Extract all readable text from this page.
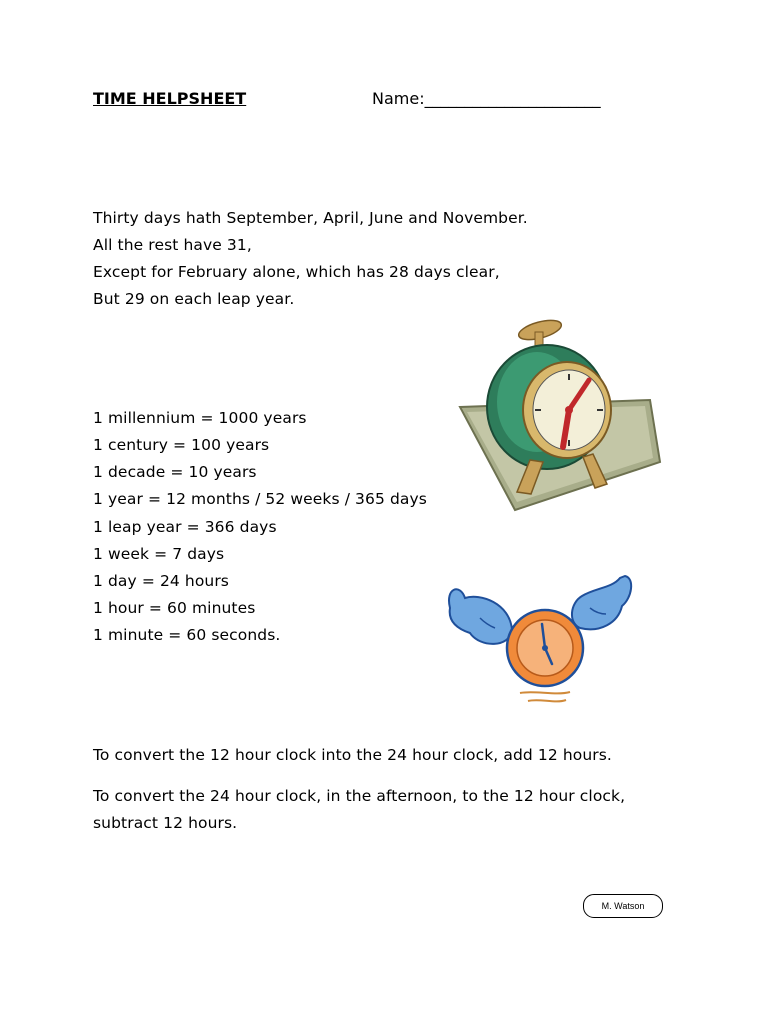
TIME HELPSHEET	Name:______________________
Thirty days hath September, April, June and November.
All the rest have 31,
Except for February alone, which has 28 days clear,
But 29 on each leap year.
1 millennium = 1000 years
1 century = 100 years
1 decade = 10 years
1 year = 12 months / 52 weeks / 365 days
1 leap year = 366 days
1 week = 7 days
1 day = 24 hours
1 hour = 60 minutes
1 minute = 60 seconds.
To convert the 12 hour clock into the 24 hour clock, add 12 hours.
To convert the 24 hour clock, in the afternoon, to the 12 hour clock,
subtract 12 hours.
M. Watson
